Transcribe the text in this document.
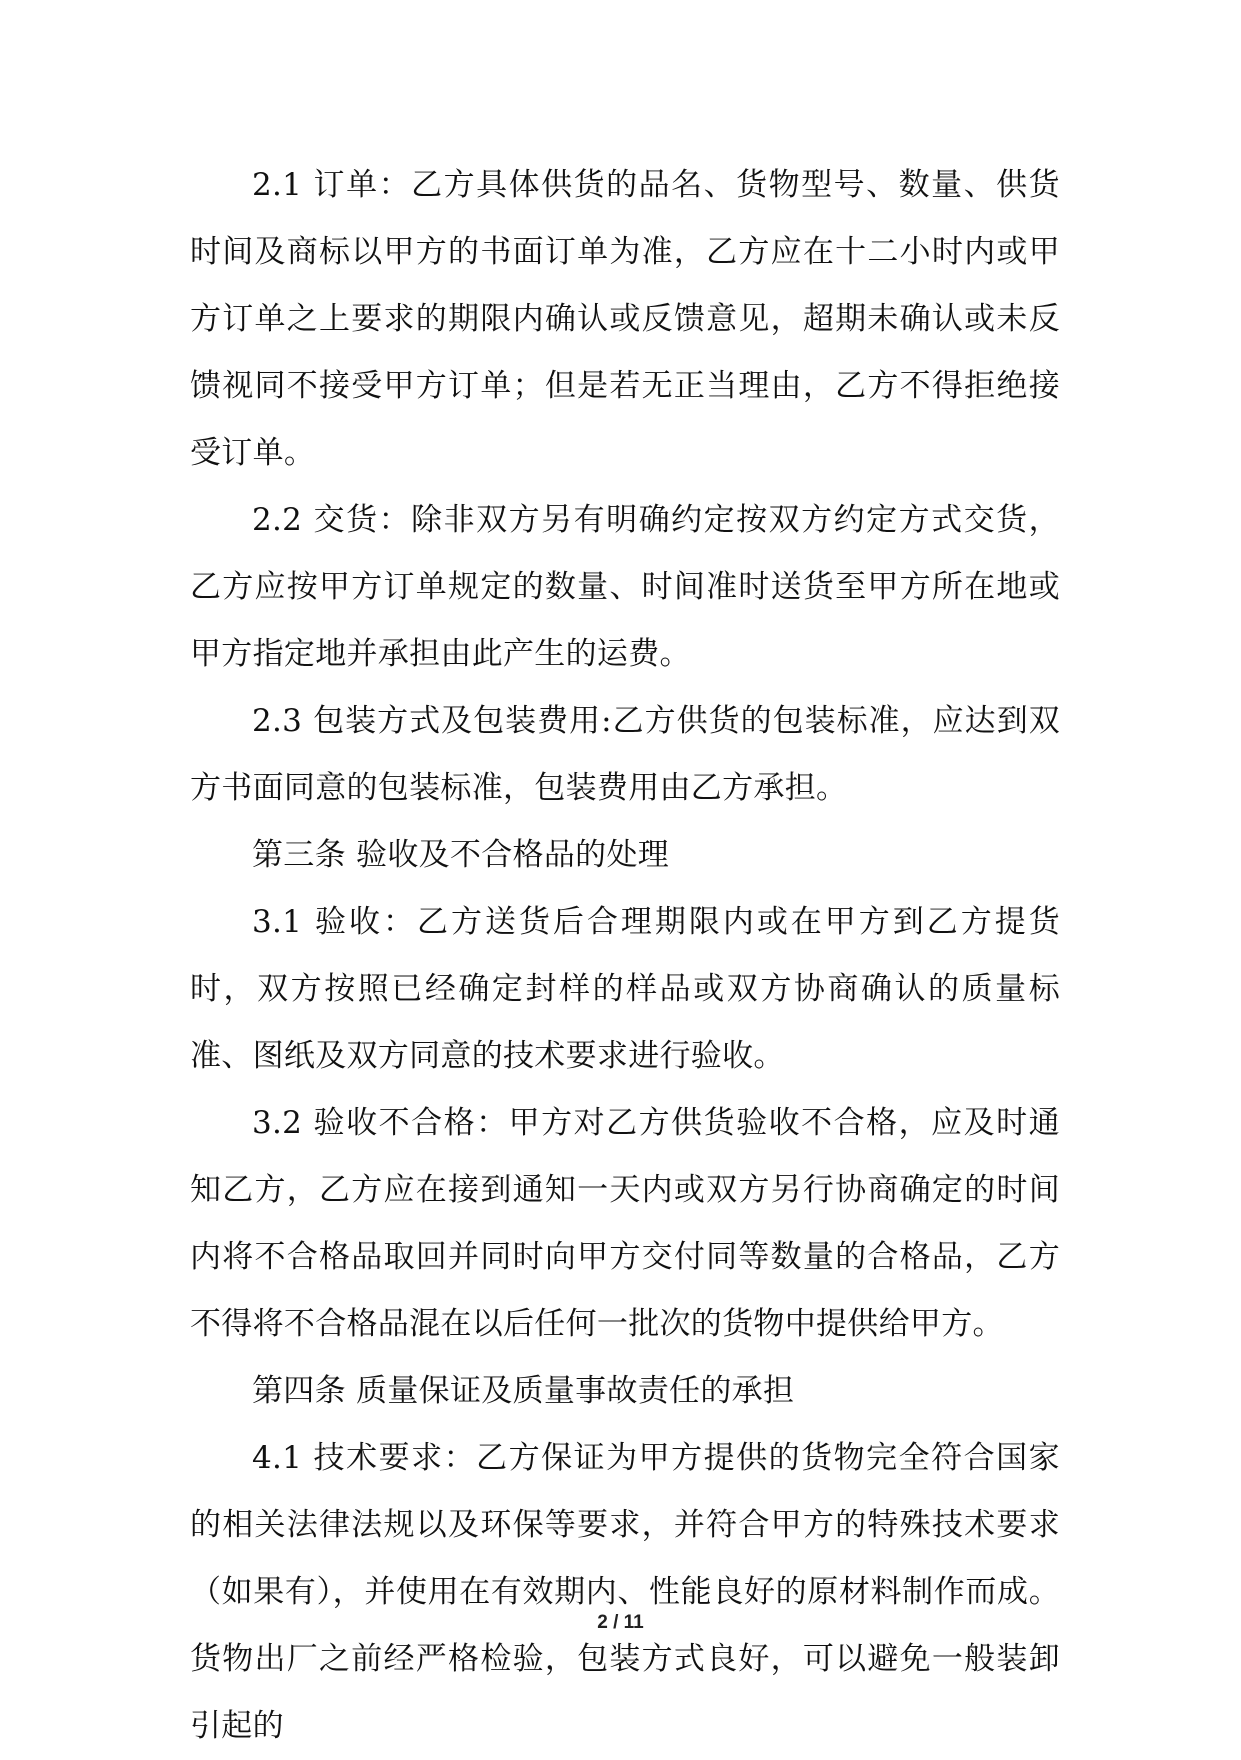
2.1 订单：乙方具体供货的品名、货物型号、数量、供货时间及商标以甲方的书面订单为准，乙方应在十二小时内或甲方订单之上要求的期限内确认或反馈意见，超期未确认或未反馈视同不接受甲方订单；但是若无正当理由，乙方不得拒绝接受订单。

2.2 交货：除非双方另有明确约定按双方约定方式交货，乙方应按甲方订单规定的数量、时间准时送货至甲方所在地或甲方指定地并承担由此产生的运费。

2.3 包装方式及包装费用:乙方供货的包装标准，应达到双方书面同意的包装标准，包装费用由乙方承担。

第三条 验收及不合格品的处理

3.1 验收：乙方送货后合理期限内或在甲方到乙方提货时，双方按照已经确定封样的样品或双方协商确认的质量标准、图纸及双方同意的技术要求进行验收。

3.2 验收不合格：甲方对乙方供货验收不合格，应及时通知乙方，乙方应在接到通知一天内或双方另行协商确定的时间内将不合格品取回并同时向甲方交付同等数量的合格品，乙方不得将不合格品混在以后任何一批次的货物中提供给甲方。

第四条 质量保证及质量事故责任的承担

4.1 技术要求：乙方保证为甲方提供的货物完全符合国家的相关法律法规以及环保等要求，并符合甲方的特殊技术要求（如果有），并使用在有效期内、性能良好的原材料制作而成。货物出厂之前经严格检验，包装方式良好，可以避免一般装卸引起的

2 / 11
